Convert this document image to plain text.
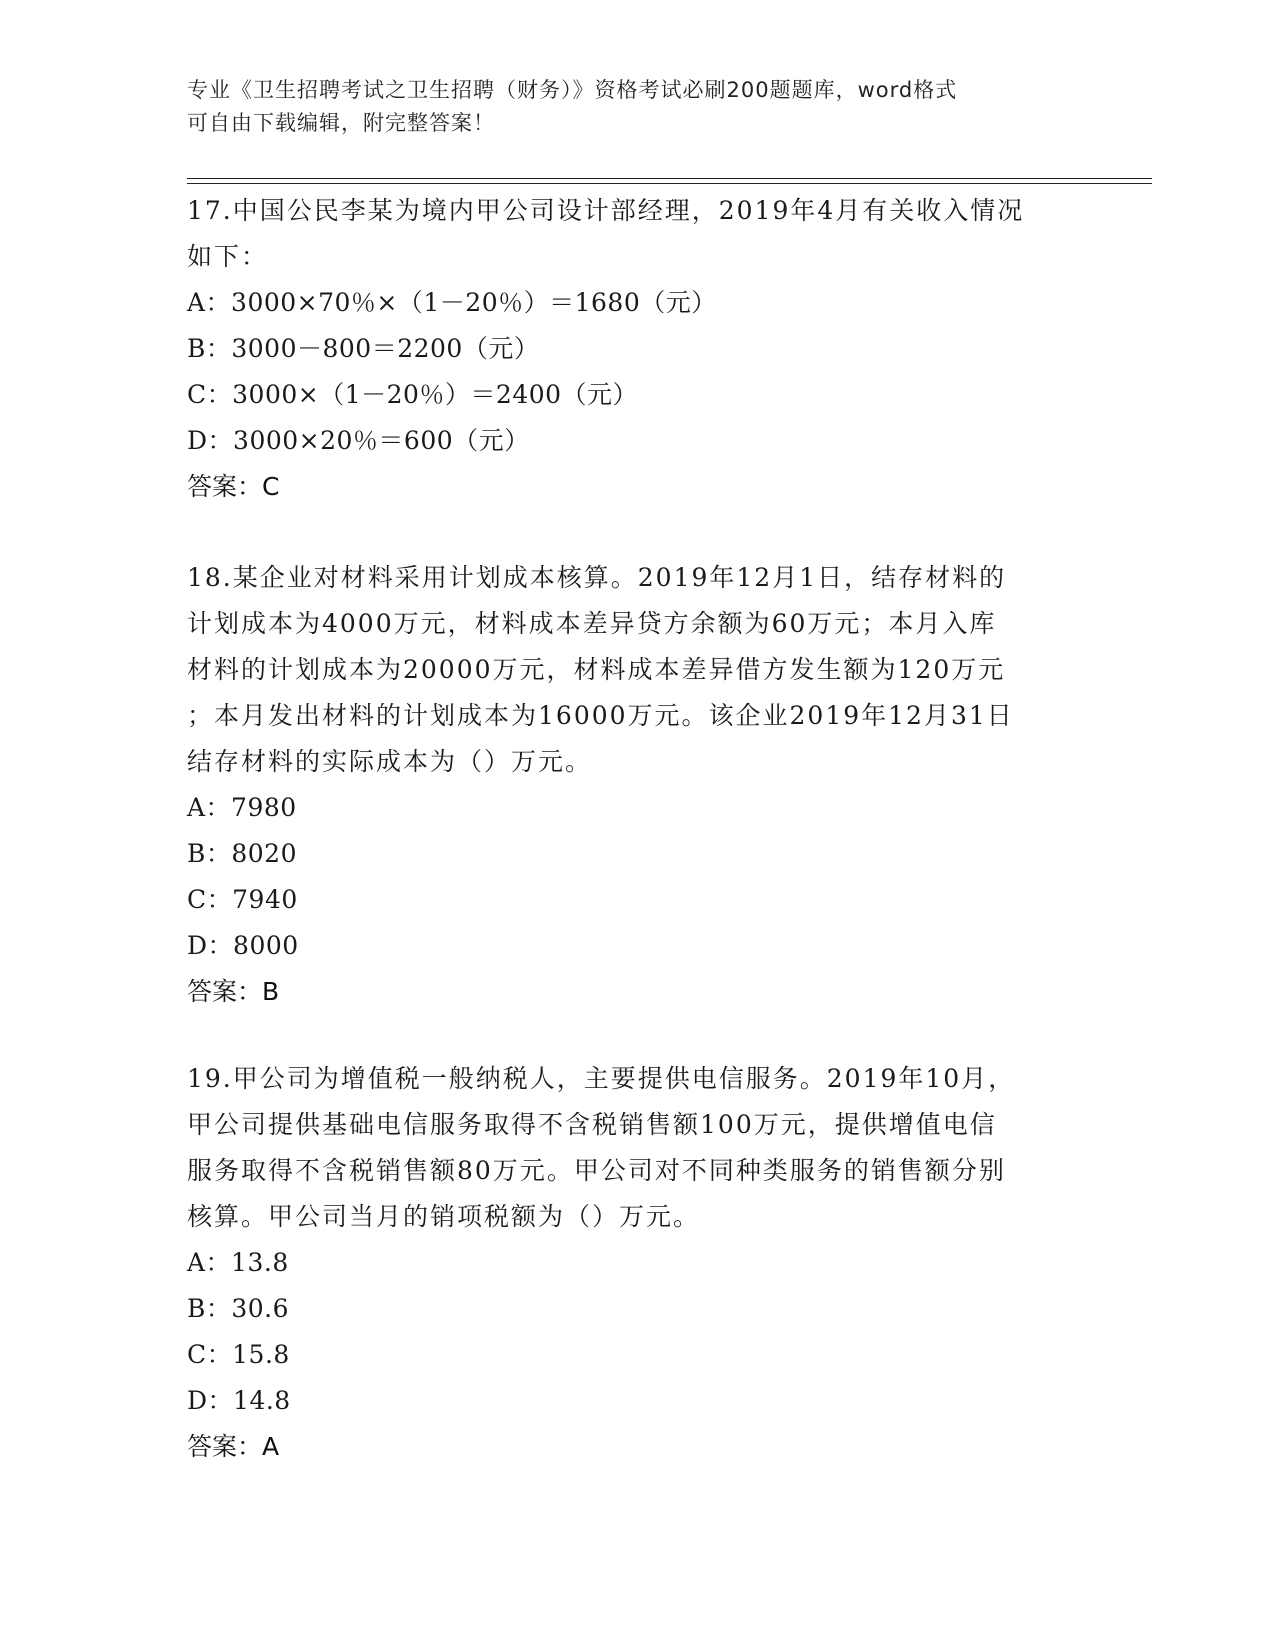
专业《卫生招聘考试之卫生招聘（财务）》资格考试必刷200题题库，word格式
可自由下载编辑，附完整答案！

17.中国公民李某为境内甲公司设计部经理，2019年4月有关收入情况

如下：

A：3000×70％×（1－20％）＝1680（元）

B：3000－800＝2200（元）

C：3000×（1－20％）＝2400（元）

D：3000×20％＝600（元）

答案：C

18.某企业对材料采用计划成本核算。2019年12月1日，结存材料的

计划成本为4000万元，材料成本差异贷方余额为60万元；本月入库

材料的计划成本为20000万元，材料成本差异借方发生额为120万元

；本月发出材料的计划成本为16000万元。该企业2019年12月31日

结存材料的实际成本为（）万元。

A：7980

B：8020

C：7940

D：8000

答案：B

19.甲公司为增值税一般纳税人，主要提供电信服务。2019年10月，

甲公司提供基础电信服务取得不含税销售额100万元，提供增值电信

服务取得不含税销售额80万元。甲公司对不同种类服务的销售额分别

核算。甲公司当月的销项税额为（）万元。

A：13.8

B：30.6

C：15.8

D：14.8

答案：A
